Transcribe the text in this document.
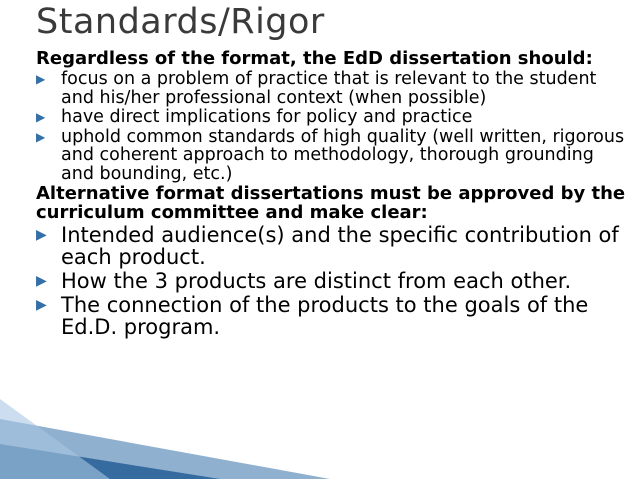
Standards/Rigor

Regardless of the format, the EdD dissertation should:

▶ focus on a problem of practice that is relevant to the student and his/her professional context (when possible)
▶ have direct implications for policy and practice
▶ uphold common standards of high quality (well written, rigorous and coherent approach to methodology, thorough grounding and bounding, etc.)

Alternative format dissertations must be approved by the curriculum committee and make clear:

▶ Intended audience(s) and the specific contribution of each product.
▶ How the 3 products are distinct from each other.
▶ The connection of the products to the goals of the Ed.D. program.
